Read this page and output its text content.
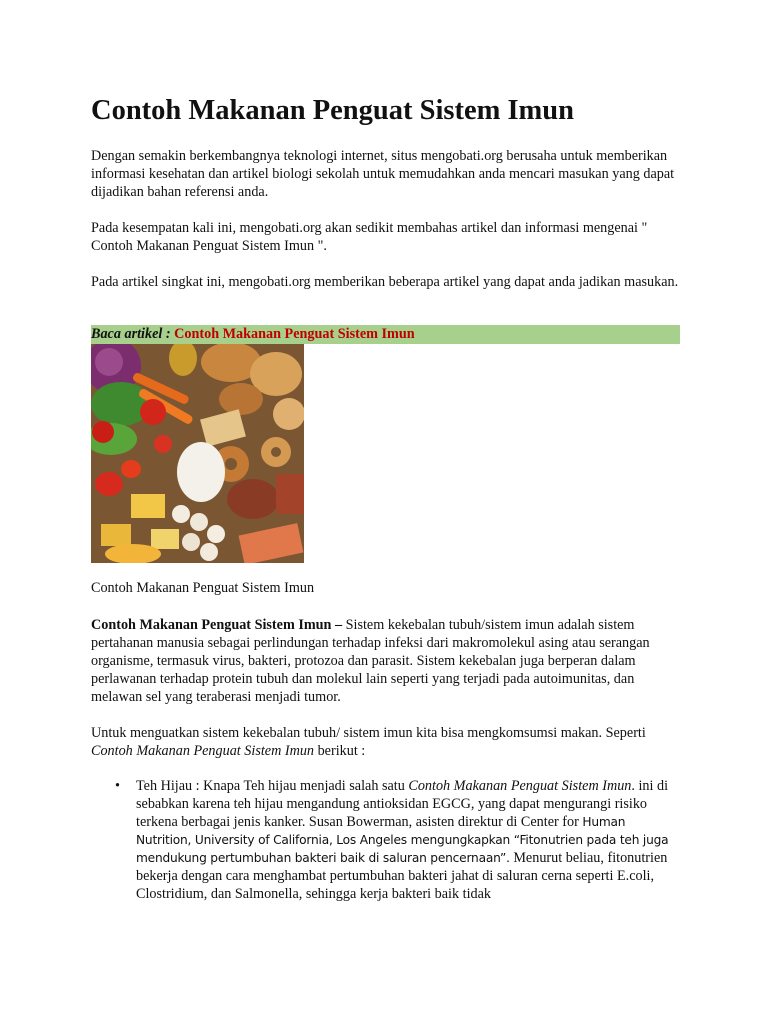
Contoh Makanan Penguat Sistem Imun

Dengan semakin berkembangnya teknologi internet, situs mengobati.org berusaha untuk memberikan informasi kesehatan dan artikel biologi sekolah untuk memudahkan anda mencari masukan yang dapat dijadikan bahan referensi anda.

Pada kesempatan kali ini, mengobati.org akan sedikit membahas artikel dan informasi mengenai " Contoh Makanan Penguat Sistem Imun ".

Pada artikel singkat ini, mengobati.org memberikan beberapa artikel yang dapat anda jadikan masukan.

Baca artikel : Contoh Makanan Penguat Sistem Imun

Contoh Makanan Penguat Sistem Imun

Contoh Makanan Penguat Sistem Imun – Sistem kekebalan tubuh/sistem imun adalah sistem pertahanan manusia sebagai perlindungan terhadap infeksi dari makromolekul asing atau serangan organisme, termasuk virus, bakteri, protozoa dan parasit. Sistem kekebalan juga berperan dalam perlawanan terhadap protein tubuh dan molekul lain seperti yang terjadi pada autoimunitas, dan melawan sel yang teraberasi menjadi tumor.

Untuk menguatkan sistem kekebalan tubuh/ sistem imun kita bisa mengkomsumsi makan. Seperti Contoh Makanan Penguat Sistem Imun berikut :

• Teh Hijau : Knapa Teh hijau menjadi salah satu Contoh Makanan Penguat Sistem Imun. ini di sebabkan karena teh hijau mengandung antioksidan EGCG, yang dapat mengurangi risiko terkena berbagai jenis kanker. Susan Bowerman, asisten direktur di Center for Human Nutrition, University of California, Los Angeles mengungkapkan “Fitonutrien pada teh juga mendukung pertumbuhan bakteri baik di saluran pencernaan”. Menurut beliau, fitonutrien bekerja dengan cara menghambat pertumbuhan bakteri jahat di saluran cerna seperti E.coli, Clostridium, dan Salmonella, sehingga kerja bakteri baik tidak
